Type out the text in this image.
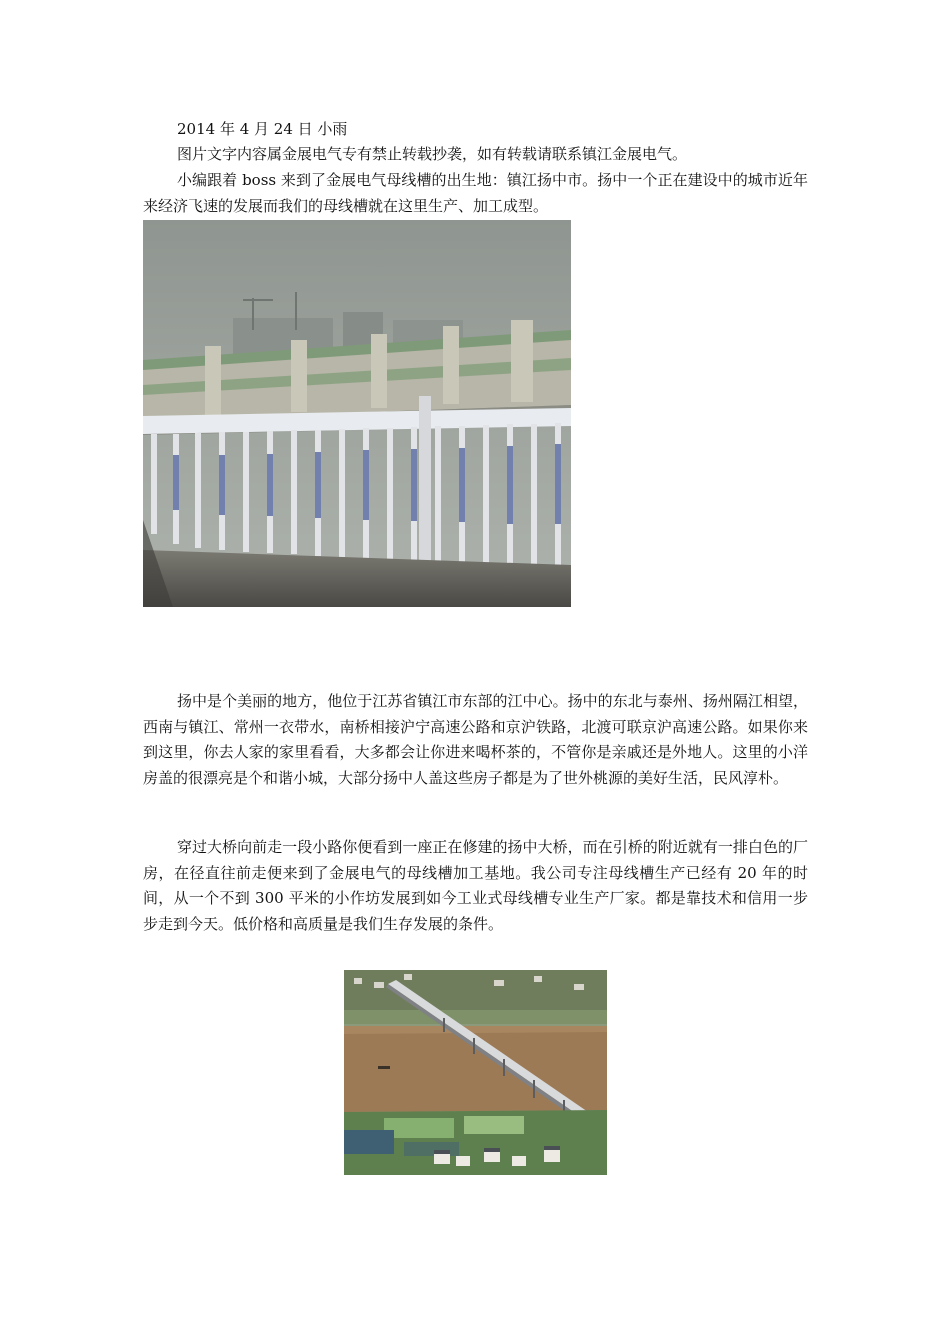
2014 年 4 月 24 日 小雨

图片文字内容属金展电气专有禁止转载抄袭，如有转载请联系镇江金展电气。

小编跟着 boss 来到了金展电气母线槽的出生地：镇江扬中市。扬中一个正在建设中的城市近年来经济飞速的发展而我们的母线槽就在这里生产、加工成型。

扬中是个美丽的地方，他位于江苏省镇江市东部的江中心。扬中的东北与泰州、扬州隔江相望，西南与镇江、常州一衣带水，南桥相接沪宁高速公路和京沪铁路，北渡可联京沪高速公路。如果你来到这里，你去人家的家里看看，大多都会让你进来喝杯茶的，不管你是亲戚还是外地人。这里的小洋房盖的很漂亮是个和谐小城，大部分扬中人盖这些房子都是为了世外桃源的美好生活，民风淳朴。

穿过大桥向前走一段小路你便看到一座正在修建的扬中大桥，而在引桥的附近就有一排白色的厂房，在径直往前走便来到了金展电气的母线槽加工基地。我公司专注母线槽生产已经有 20 年的时间，从一个不到 300 平米的小作坊发展到如今工业式母线槽专业生产厂家。都是靠技术和信用一步步走到今天。低价格和高质量是我们生存发展的条件。
